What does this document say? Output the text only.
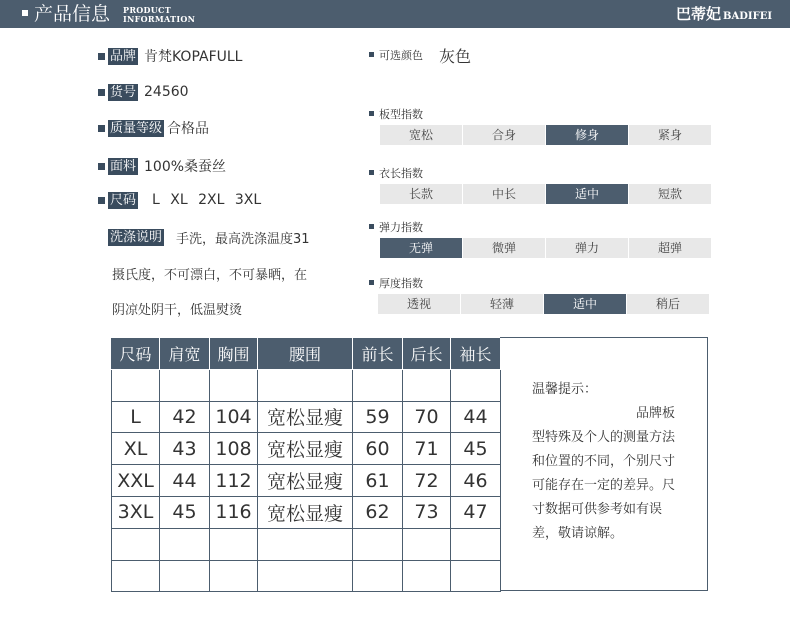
产品信息 PRODUCT
INFORMATION	巴蒂妃 BADIFEI
品牌 肯梵KOPAFULL
货号 24560
质量等级 合格品
面料 100%桑蚕丝
尺码 L XL 2XL 3XL
洗涤说明 手洗，最高洗涤温度31
摄氏度，不可漂白，不可暴晒，在
阴凉处阴干，低温熨烫
可选颜色 灰色
板型指数
宽松	合身	修身	紧身
衣长指数
长款	中长	适中	短款
弹力指数
无弹	微弹	弹力	超弹
厚度指数
透视	轻薄	适中	稍后
尺码	肩宽	胸围	腰围	前长	后长	袖长

L	42	104	宽松显瘦	59	70	44
XL	43	108	宽松显瘦	60	71	45
XXL	44	112	宽松显瘦	61	72	46
3XL	45	116	宽松显瘦	62	73	47

温馨提示：
品牌板型特殊及个人的测量方法和位置的不同，个别尺寸可能存在一定的差异。尺寸数据可供参考如有误差，敬请谅解。
